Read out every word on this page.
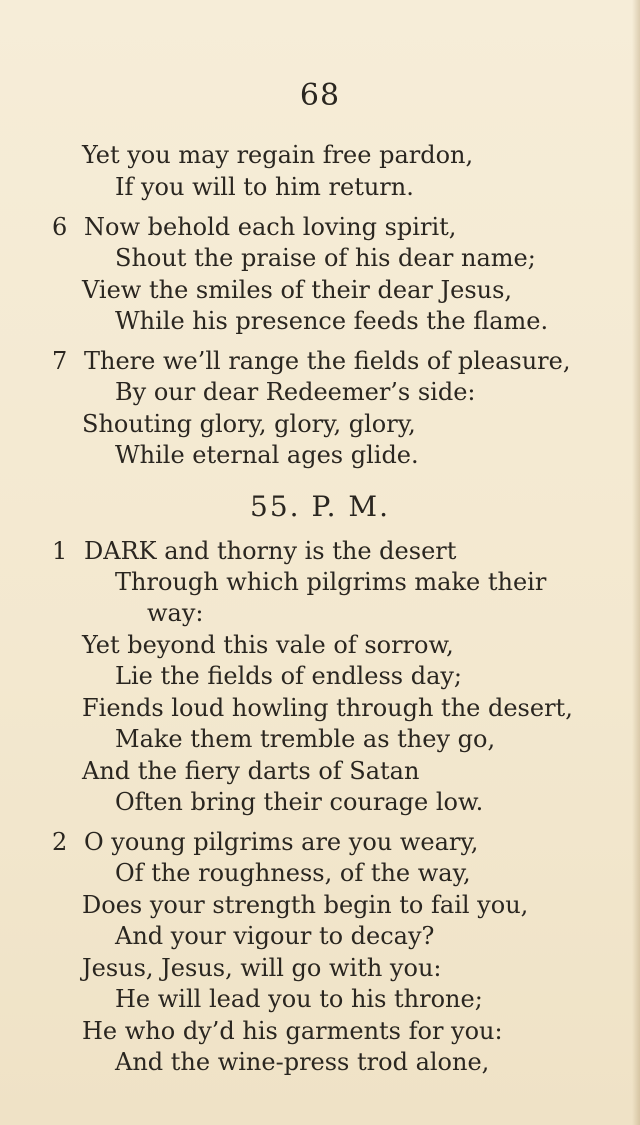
68
Yet you may regain free pardon,
If you will to him return.
6 Now behold each loving spirit,
Shout the praise of his dear name;
View the smiles of their dear Jesus,
While his presence feeds the flame.
7 There we’ll range the fields of pleasure,
By our dear Redeemer’s side:
Shouting glory, glory, glory,
While eternal ages glide.
55. P. M.
1 DARK and thorny is the desert
Through which pilgrims make their
way:
Yet beyond this vale of sorrow,
Lie the fields of endless day;
Fiends loud howling through the desert,
Make them tremble as they go,
And the fiery darts of Satan
Often bring their courage low.
2 O young pilgrims are you weary,
Of the roughness, of the way,
Does your strength begin to fail you,
And your vigour to decay?
Jesus, Jesus, will go with you:
He will lead you to his throne;
He who dy’d his garments for you:
And the wine-press trod alone,
